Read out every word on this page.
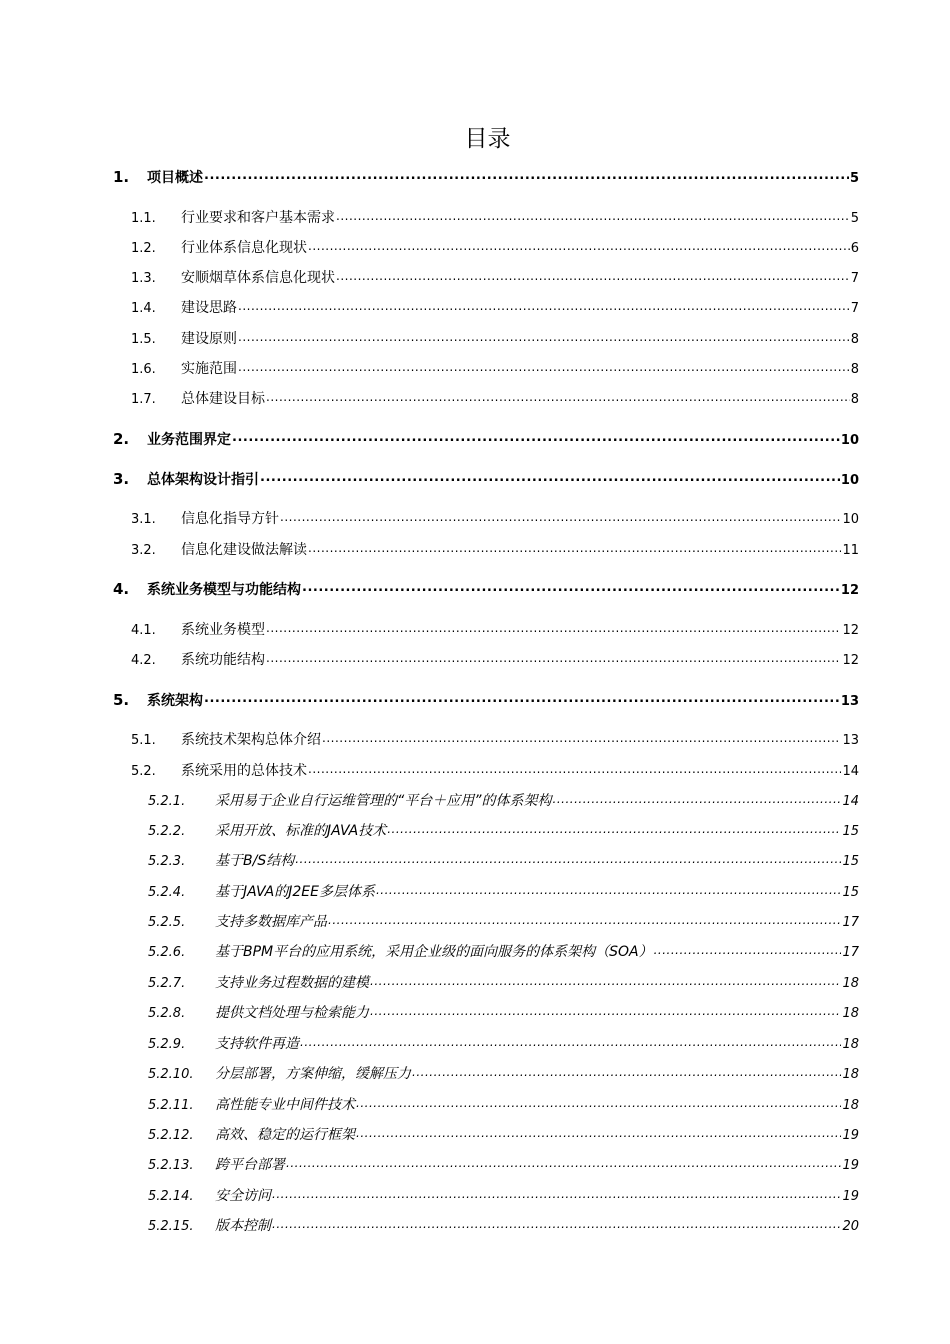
目录
1.	项目概述 .....	5
1.1.	行业要求和客户基本需求 .....	5
1.2.	行业体系信息化现状 .....	6
1.3.	安顺烟草体系信息化现状 .....	7
1.4.	建设思路 .....	7
1.5.	建设原则 .....	8
1.6.	实施范围 .....	8
1.7.	总体建设目标 .....	8
2.	业务范围界定 .....	10
3.	总体架构设计指引 .....	10
3.1.	信息化指导方针 .....	10
3.2.	信息化建设做法解读 .....	11
4.	系统业务模型与功能结构 .....	12
4.1.	系统业务模型 .....	12
4.2.	系统功能结构 .....	12
5.	系统架构 .....	13
5.1.	系统技术架构总体介绍 .....	13
5.2.	系统采用的总体技术 .....	14
5.2.1.	采用易于企业自行运维管理的“平台＋应用”的体系架构 .....	14
5.2.2.	采用开放、标准的JAVA技术 .....	15
5.2.3.	基于B/S结构 .....	15
5.2.4.	基于JAVA的J2EE多层体系 .....	15
5.2.5.	支持多数据库产品 .....	17
5.2.6.	基于BPM平台的应用系统，采用企业级的面向服务的体系架构（SOA） .....	17
5.2.7.	支持业务过程数据的建模 .....	18
5.2.8.	提供文档处理与检索能力 .....	18
5.2.9.	支持软件再造 .....	18
5.2.10.	分层部署，方案伸缩，缓解压力 .....	18
5.2.11.	高性能专业中间件技术 .....	18
5.2.12.	高效、稳定的运行框架 .....	19
5.2.13.	跨平台部署 .....	19
5.2.14.	安全访问 .....	19
5.2.15.	版本控制 .....	20
